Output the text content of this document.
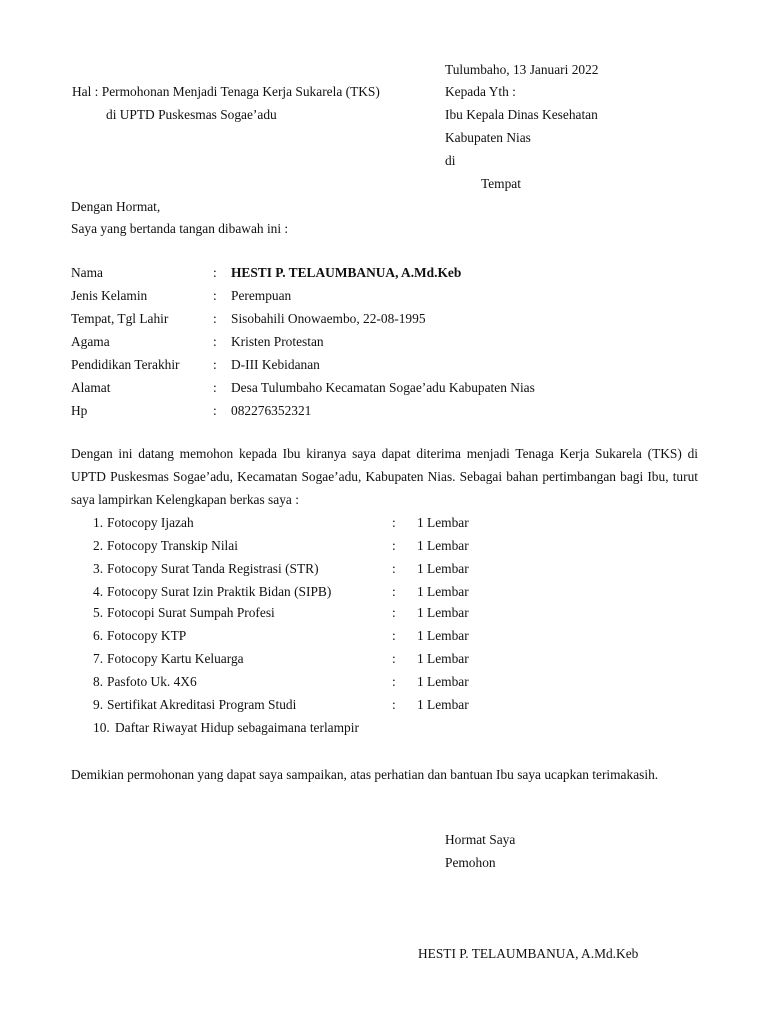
Tulumbaho, 13 Januari 2022
Hal : Permohonan Menjadi Tenaga Kerja Sukarela (TKS)
di UPTD Puskesmas Sogae’adu
Kepada Yth :
Ibu Kepala Dinas Kesehatan
Kabupaten Nias
di
Tempat
Dengan Hormat,
Saya yang bertanda tangan dibawah ini :
Nama	: HESTI P. TELAUMBANUA, A.Md.Keb
Jenis Kelamin	: Perempuan
Tempat, Tgl Lahir	: Sisobahili Onowaembo, 22-08-1995
Agama	: Kristen Protestan
Pendidikan Terakhir : D-III Kebidanan
Alamat	: Desa Tulumbaho Kecamatan Sogae’adu Kabupaten Nias
Hp	: 082276352321
Dengan ini datang memohon kepada Ibu kiranya saya dapat diterima menjadi Tenaga Kerja Sukarela (TKS) di UPTD Puskesmas Sogae’adu, Kecamatan Sogae’adu, Kabupaten Nias. Sebagai bahan pertimbangan bagi Ibu, turut saya lampirkan Kelengkapan berkas saya :
1. Fotocopy Ijazah	: 1 Lembar
2. Fotocopy Transkip Nilai	: 1 Lembar
3. Fotocopy Surat Tanda Registrasi (STR)	: 1 Lembar
4. Fotocopy Surat Izin Praktik Bidan (SIPB)	: 1 Lembar
5. Fotocopi Surat Sumpah Profesi	: 1 Lembar
6. Fotocopy KTP	: 1 Lembar
7. Fotocopy Kartu Keluarga	: 1 Lembar
8. Pasfoto Uk. 4X6	: 1 Lembar
9. Sertifikat Akreditasi Program Studi	: 1 Lembar
10. Daftar Riwayat Hidup sebagaimana terlampir
Demikian permohonan yang dapat saya sampaikan, atas perhatian dan bantuan Ibu saya ucapkan terimakasih.
Hormat Saya
Pemohon
HESTI P. TELAUMBANUA, A.Md.Keb
